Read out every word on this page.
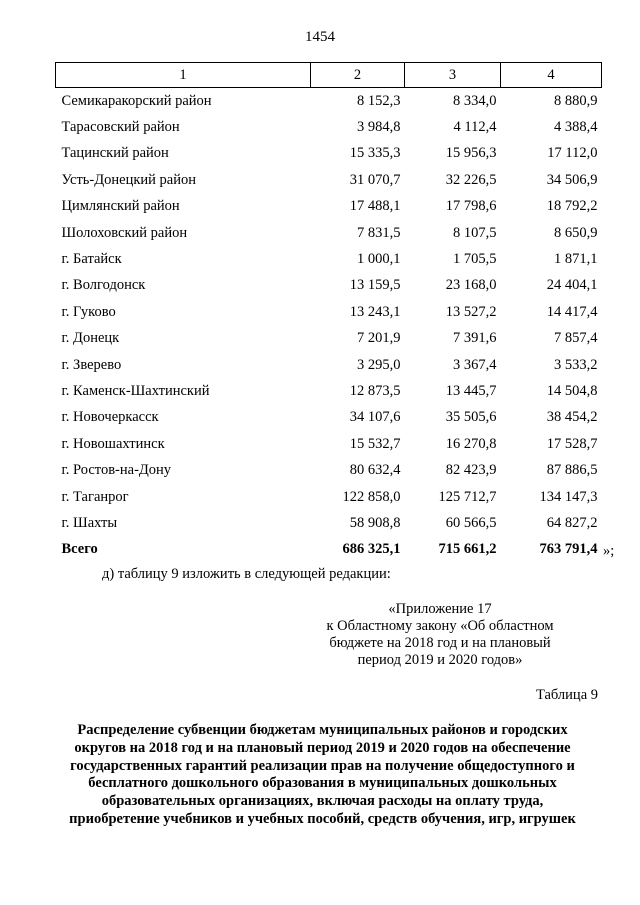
1454
1	2	3	4
Семикаракорский район	8 152,3	8 334,0	8 880,9
Тарасовский район	3 984,8	4 112,4	4 388,4
Тацинский район	15 335,3	15 956,3	17 112,0
Усть-Донецкий район	31 070,7	32 226,5	34 506,9
Цимлянский район	17 488,1	17 798,6	18 792,2
Шолоховский район	7 831,5	8 107,5	8 650,9
г. Батайск	1 000,1	1 705,5	1 871,1
г. Волгодонск	13 159,5	23 168,0	24 404,1
г. Гуково	13 243,1	13 527,2	14 417,4
г. Донецк	7 201,9	7 391,6	7 857,4
г. Зверево	3 295,0	3 367,4	3 533,2
г. Каменск-Шахтинский	12 873,5	13 445,7	14 504,8
г. Новочеркасск	34 107,6	35 505,6	38 454,2
г. Новошахтинск	15 532,7	16 270,8	17 528,7
г. Ростов-на-Дону	80 632,4	82 423,9	87 886,5
г. Таганрог	122 858,0	125 712,7	134 147,3
г. Шахты	58 908,8	60 566,5	64 827,2
Всего	686 325,1	715 661,2	763 791,4 »;
д) таблицу 9 изложить в следующей редакции:
«Приложение 17
к Областному закону «Об областном
бюджете на 2018 год и на плановый
период 2019 и 2020 годов»
Таблица 9
Распределение субвенции бюджетам муниципальных районов и городских
округов на 2018 год и на плановый период 2019 и 2020 годов на обеспечение
государственных гарантий реализации прав на получение общедоступного и
бесплатного дошкольного образования в муниципальных дошкольных
образовательных организациях, включая расходы на оплату труда,
приобретение учебников и учебных пособий, средств обучения, игр, игрушек
